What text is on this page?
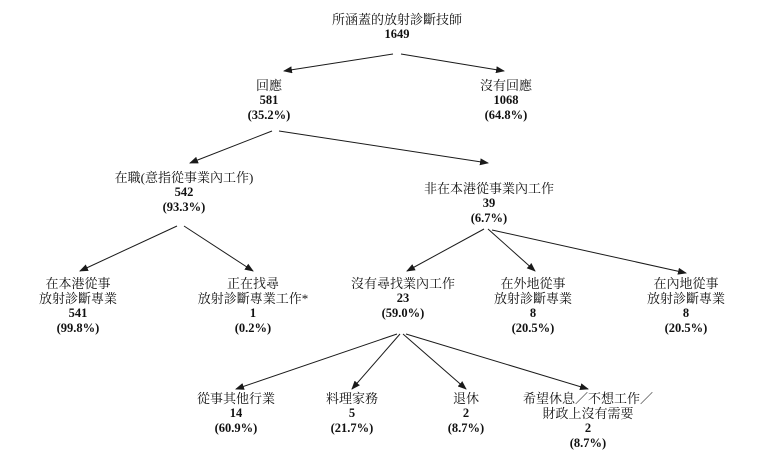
所涵蓋的放射診斷技師
1649
回應
581
(35.2%)
沒有回應
1068
(64.8%)
在職(意指從事業內工作)
542
(93.3%)
非在本港從事業內工作
39
(6.7%)
在本港從事
放射診斷專業
541
(99.8%)
正在找尋
放射診斷專業工作*
1
(0.2%)
沒有尋找業內工作
23
(59.0%)
在外地從事
放射診斷專業
8
(20.5%)
在內地從事
放射診斷專業
8
(20.5%)
從事其他行業
14
(60.9%)
料理家務
5
(21.7%)
退休
2
(8.7%)
希望休息／不想工作／
財政上沒有需要
2
(8.7%)
